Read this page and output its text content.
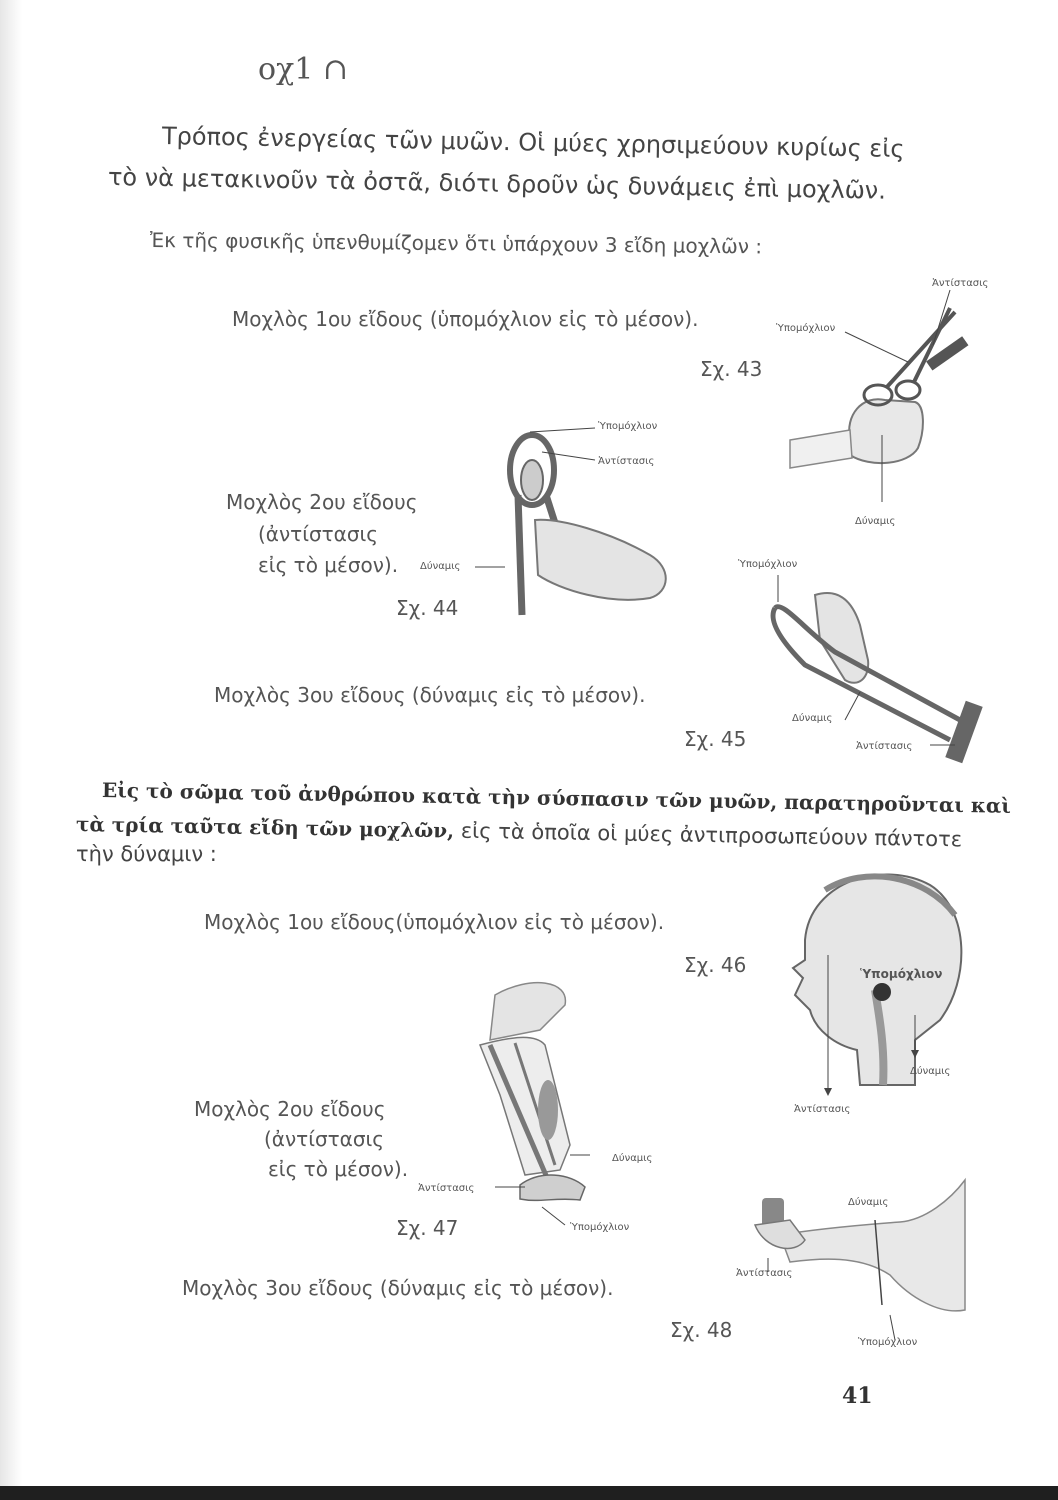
οχ1 ∩
Τρόπος ἐνεργείας τῶν μυῶν. Οἱ μύες χρησιμεύουν κυρίως εἰς
τὸ νὰ μετακινοῦν τὰ ὀστᾶ, διότι δροῦν ὡς δυνάμεις ἐπὶ μοχλῶν.
Ἐκ τῆς φυσικῆς ὑπενθυμίζομεν ὅτι ὑπάρχουν 3 εἴδη μοχλῶν :
Μοχλὸς 1ου εἴδους (ὑπομόχλιον εἰς τὸ μέσον).
Σχ. 43
Μοχλὸς 2ου εἴδους
(ἀντίστασις
εἰς τὸ μέσον).
Σχ. 44
Μοχλὸς 3ου εἴδους (δύναμις εἰς τὸ μέσον).
Σχ. 45
Ἀντίστασις
Ὑπομόχλιον
Δύναμις
Ὑπομόχλιον
Ἀντίστασις
Δύναμις	Ὑπομόχλιον
Δύναμις
Ἀντίστασις
Εἰς τὸ σῶμα τοῦ ἀνθρώπου κατὰ τὴν σύσπασιν τῶν μυῶν, παρατηροῦνται καὶ
τὰ τρία ταῦτα εἴδη τῶν μοχλῶν, εἰς τὰ ὁποῖα οἱ μύες ἀντιπροσωπεύουν πάντοτε
τὴν δύναμιν :
Μοχλὸς 1ου εἴδους(ὑπομόχλιον εἰς τὸ μέσον).
Σχ. 46
Μοχλὸς 2ου εἴδους
(ἀντίστασις
εἰς τὸ μέσον).
Σχ. 47
Μοχλὸς 3ου εἴδους (δύναμις εἰς τὸ μέσον).
Σχ. 48
Ὑπομόχλιον
Δύναμις
Ἀντίστασις
Δύναμις
Ἀντίστασις
Ὑπομόχλιον
Δύναμις
Ἀντίστασις
Ὑπομόχλιον
41
